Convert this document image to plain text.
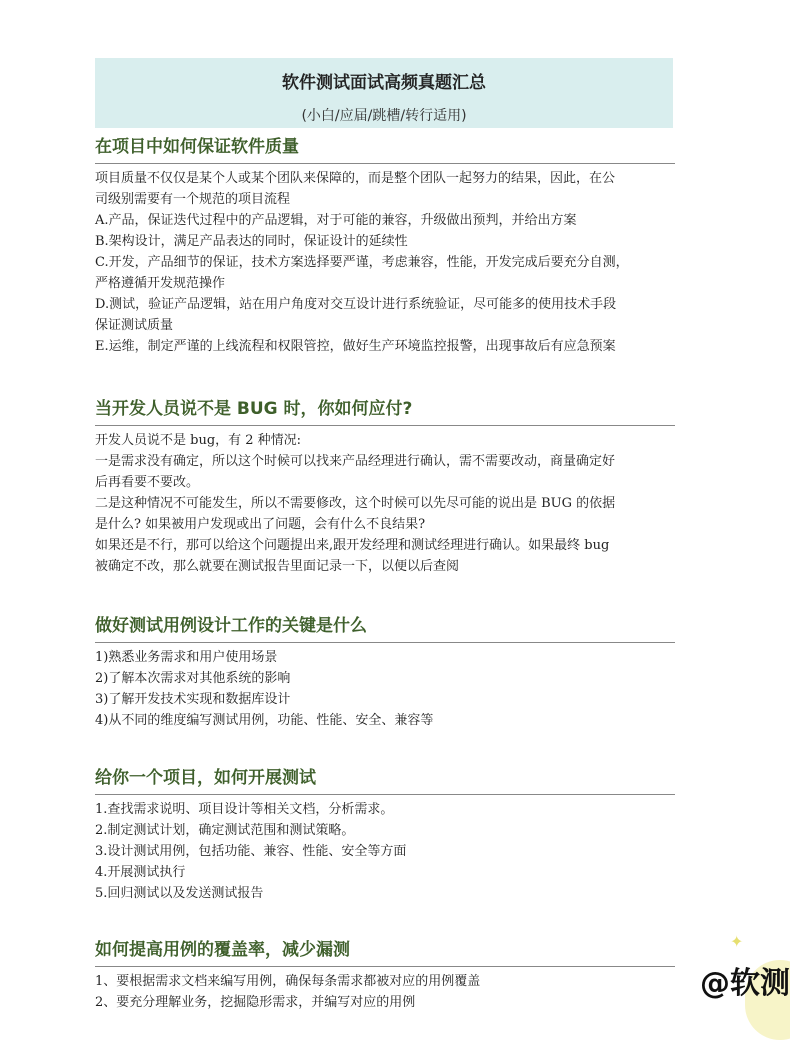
软件测试面试高频真题汇总
(小白/应届/跳槽/转行适用)
在项目中如何保证软件质量

项目质量不仅仅是某个人或某个团队来保障的，而是整个团队一起努力的结果，因此，在公

司级别需要有一个规范的项目流程

A.产品，保证迭代过程中的产品逻辑，对于可能的兼容，升级做出预判，并给出方案

B.架构设计，满足产品表达的同时，保证设计的延续性

C.开发，产品细节的保证，技术方案选择要严谨，考虑兼容，性能，开发完成后要充分自测，

严格遵循开发规范操作

D.测试，验证产品逻辑，站在用户角度对交互设计进行系统验证，尽可能多的使用技术手段

保证测试质量

E.运维，制定严谨的上线流程和权限管控，做好生产环境监控报警，出现事故后有应急预案

当开发人员说不是 BUG 时，你如何应付?

开发人员说不是 bug，有 2 种情况:

一是需求没有确定，所以这个时候可以找来产品经理进行确认，需不需要改动，商量确定好

后再看要不要改。

二是这种情况不可能发生，所以不需要修改，这个时候可以先尽可能的说出是 BUG 的依据

是什么? 如果被用户发现或出了问题，会有什么不良结果?

如果还是不行，那可以给这个问题提出来,跟开发经理和测试经理进行确认。如果最终 bug

被确定不改，那么就要在测试报告里面记录一下，以便以后查阅

做好测试用例设计工作的关键是什么

1)熟悉业务需求和用户使用场景

2)了解本次需求对其他系统的影响

3)了解开发技术实现和数据库设计

4)从不同的维度编写测试用例，功能、性能、安全、兼容等

给你一个项目，如何开展测试

1.查找需求说明、项目设计等相关文档，分析需求。

2.制定测试计划，确定测试范围和测试策略。

3.设计测试用例，包括功能、兼容、性能、安全等方面

4.开展测试执行

5.回归测试以及发送测试报告

如何提高用例的覆盖率，减少漏测

1、要根据需求文档来编写用例，确保每条需求都被对应的用例覆盖

2、要充分理解业务，挖掘隐形需求，并编写对应的用例

✦
@软测
